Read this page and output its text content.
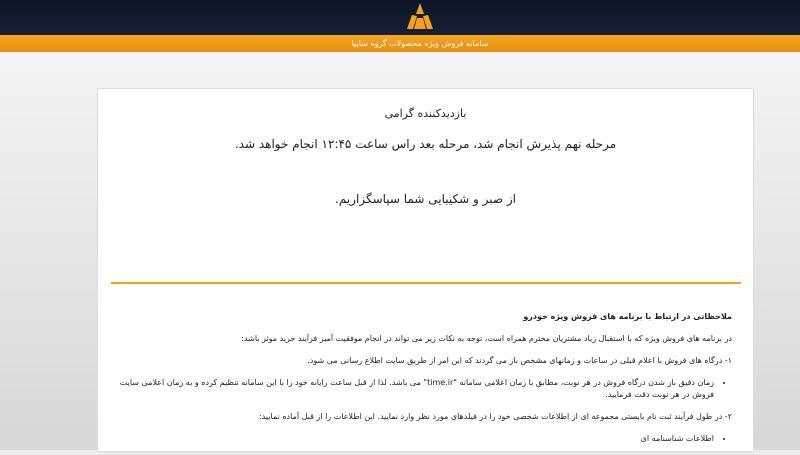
سامانه فروش ویژه محصولات گروه سایپا
بازدیدکننده گرامی
مرحله نهم پذیرش انجام شد، مرحله بعد راس ساعت ۱۲:۴۵ انجام خواهد شد.
از صبر و شکیبایی شما سپاسگزاریم.

ملاحظاتی در ارتباط با برنامه های فروش ویژه خودرو

در برنامه های فروش ویژه که با استقبال زیاد مشتریان محترم همراه است، توجه به نکات زیر می تواند در انجام موفقیت آمیز فرآیند خرید موثر باشد:

۱- درگاه های فروش با اعلام قبلی در ساعات و زمانهای مشخص باز می گردند که این امر از طریق سایت اطلاع رسانی می شود.

• زمان دقیق باز شدن درگاه فروش در هر نوبت، مطابق با زمان اعلامی سامانه "time.ir" می باشد. لذا از قبل ساعت رایانه خود را با این سامانه تنظیم کرده و به زمان اعلامی سایت فروش در هر نوبت دقت فرمایید.

۲- در طول فرآیند ثبت نام بایستی مجموعه ای از اطلاعات شخصی خود را در فیلدهای مورد نظر وارد نمایید. این اطلاعات را از قبل آماده نمایید:

• اطلاعات شناسنامه ای
